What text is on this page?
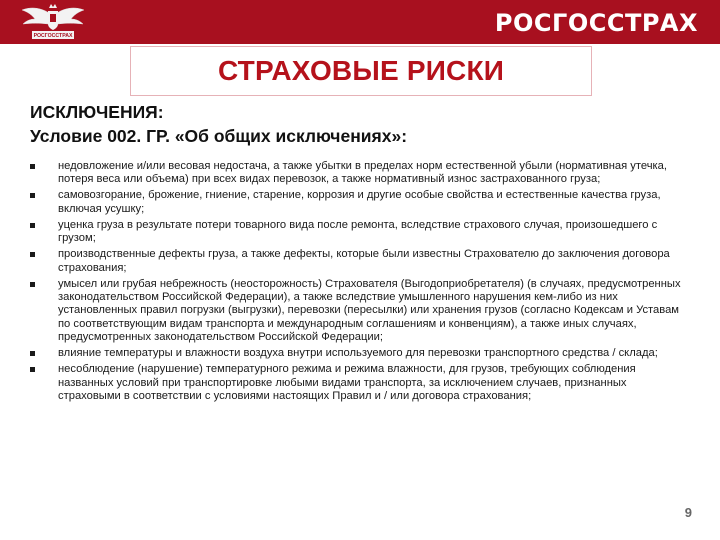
РОСГОССТРАХ	РОСГОССТРАХ
СТРАХОВЫЕ РИСКИ
ИСКЛЮЧЕНИЯ:
Условие 002. ГР. «Об общих исключениях»:
недовложение и/или весовая недостача, а также убытки в пределах норм естественной убыли (нормативная утечка, потеря веса или объема) при всех видах перевозок, а также нормативный износ застрахованного груза;
самовозгорание, брожение, гниение, старение, коррозия и другие особые свойства и естественные качества груза, включая усушку;
уценка груза в результате потери товарного вида после ремонта, вследствие страхового случая, произошедшего с грузом;
производственные дефекты груза, а также дефекты, которые были известны Страхователю до заключения договора страхования;
умысел или грубая небрежность (неосторожность) Страхователя (Выгодоприобретателя) (в случаях, предусмотренных законодательством Российской Федерации), а также вследствие умышленного нарушения кем-либо из них установленных правил погрузки (выгрузки), перевозки (пересылки) или хранения грузов (согласно Кодексам и Уставам по соответствующим видам транспорта и международным соглашениям и конвенциям), а также иных случаях, предусмотренных законодательством Российской Федерации;
влияние температуры и влажности воздуха внутри используемого для перевозки транспортного средства / склада;
несоблюдение (нарушение) температурного режима и режима влажности, для грузов, требующих соблюдения названных условий при транспортировке любыми видами транспорта, за исключением случаев, признанных страховыми в соответствии с условиями настоящих Правил и / или договора страхования;
9
